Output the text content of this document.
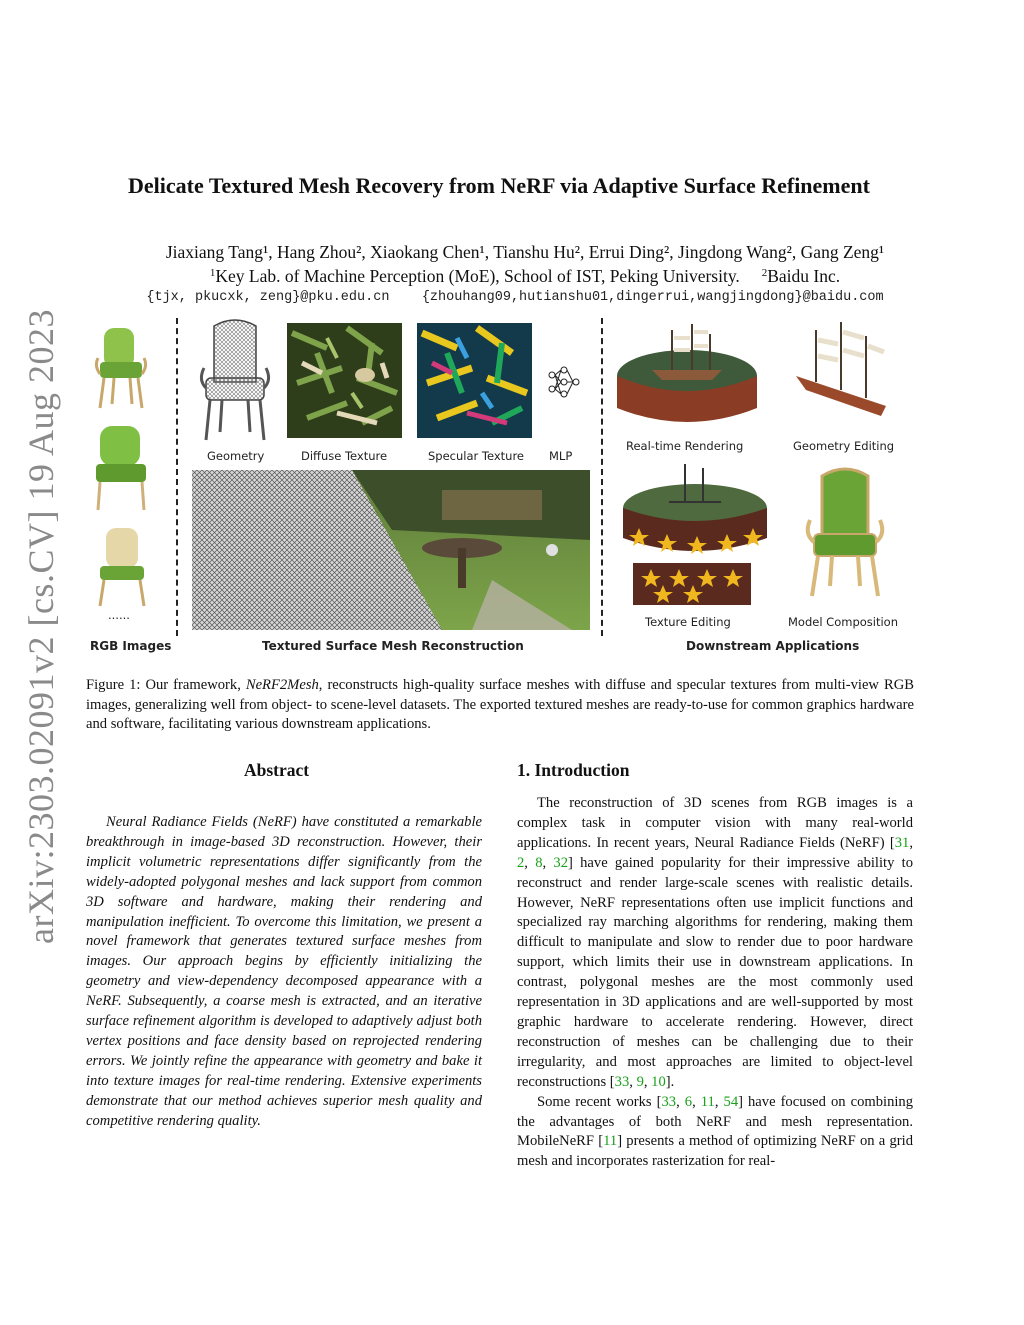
arXiv:2303.02091v2 [cs.CV] 19 Aug 2023
Delicate Textured Mesh Recovery from NeRF via Adaptive Surface Refinement
Jiaxiang Tang¹, Hang Zhou², Xiaokang Chen¹, Tianshu Hu², Errui Ding², Jingdong Wang², Gang Zeng¹
$^1$Key Lab. of Machine Perception (MoE), School of IST, Peking University. $^2$Baidu Inc.
{tjx, pkucxk, zeng}@pku.edu.cn {zhouhang09,hutianshu01,dingerrui,wangjingdong}@baidu.com
......
Geometry	Diffuse Texture	Specular Texture MLP
Real-time Rendering	Geometry Editing
Texture Editing	Model Composition
RGB Images	Textured Surface Mesh Reconstruction	Downstream Applications
Figure 1: Our framework, NeRF2Mesh, reconstructs high-quality surface meshes with diffuse and specular textures from multi-view RGB images, generalizing well from object- to scene-level datasets. The exported textured meshes are ready-to-use for common graphics hardware and software, facilitating various downstream applications.
Abstract

Neural Radiance Fields (NeRF) have constituted a remarkable breakthrough in image-based 3D reconstruction. However, their implicit volumetric representations differ significantly from the widely-adopted polygonal meshes and lack support from common 3D software and hardware, making their rendering and manipulation inefficient. To overcome this limitation, we present a novel framework that generates textured surface meshes from images. Our approach begins by efficiently initializing the geometry and view-dependency decomposed appearance with a NeRF. Subsequently, a coarse mesh is extracted, and an iterative surface refinement algorithm is developed to adaptively adjust both vertex positions and face density based on reprojected rendering errors. We jointly refine the appearance with geometry and bake it into texture images for real-time rendering. Extensive experiments demonstrate that our method achieves superior mesh quality and competitive rendering quality.

1. Introduction

The reconstruction of 3D scenes from RGB images is a complex task in computer vision with many real-world applications. In recent years, Neural Radiance Fields (NeRF) [31, 2, 8, 32] have gained popularity for their impressive ability to reconstruct and render large-scale scenes with realistic details. However, NeRF representations often use implicit functions and specialized ray marching algorithms for rendering, making them difficult to manipulate and slow to render due to poor hardware support, which limits their use in downstream applications. In contrast, polygonal meshes are the most commonly used representation in 3D applications and are well-supported by most graphic hardware to accelerate rendering. However, direct reconstruction of meshes can be challenging due to their irregularity, and most approaches are limited to object-level reconstructions [33, 9, 10].

Some recent works [33, 6, 11, 54] have focused on combining the advantages of both NeRF and mesh representation. MobileNeRF [11] presents a method of optimizing NeRF on a grid mesh and incorporates rasterization for real-
